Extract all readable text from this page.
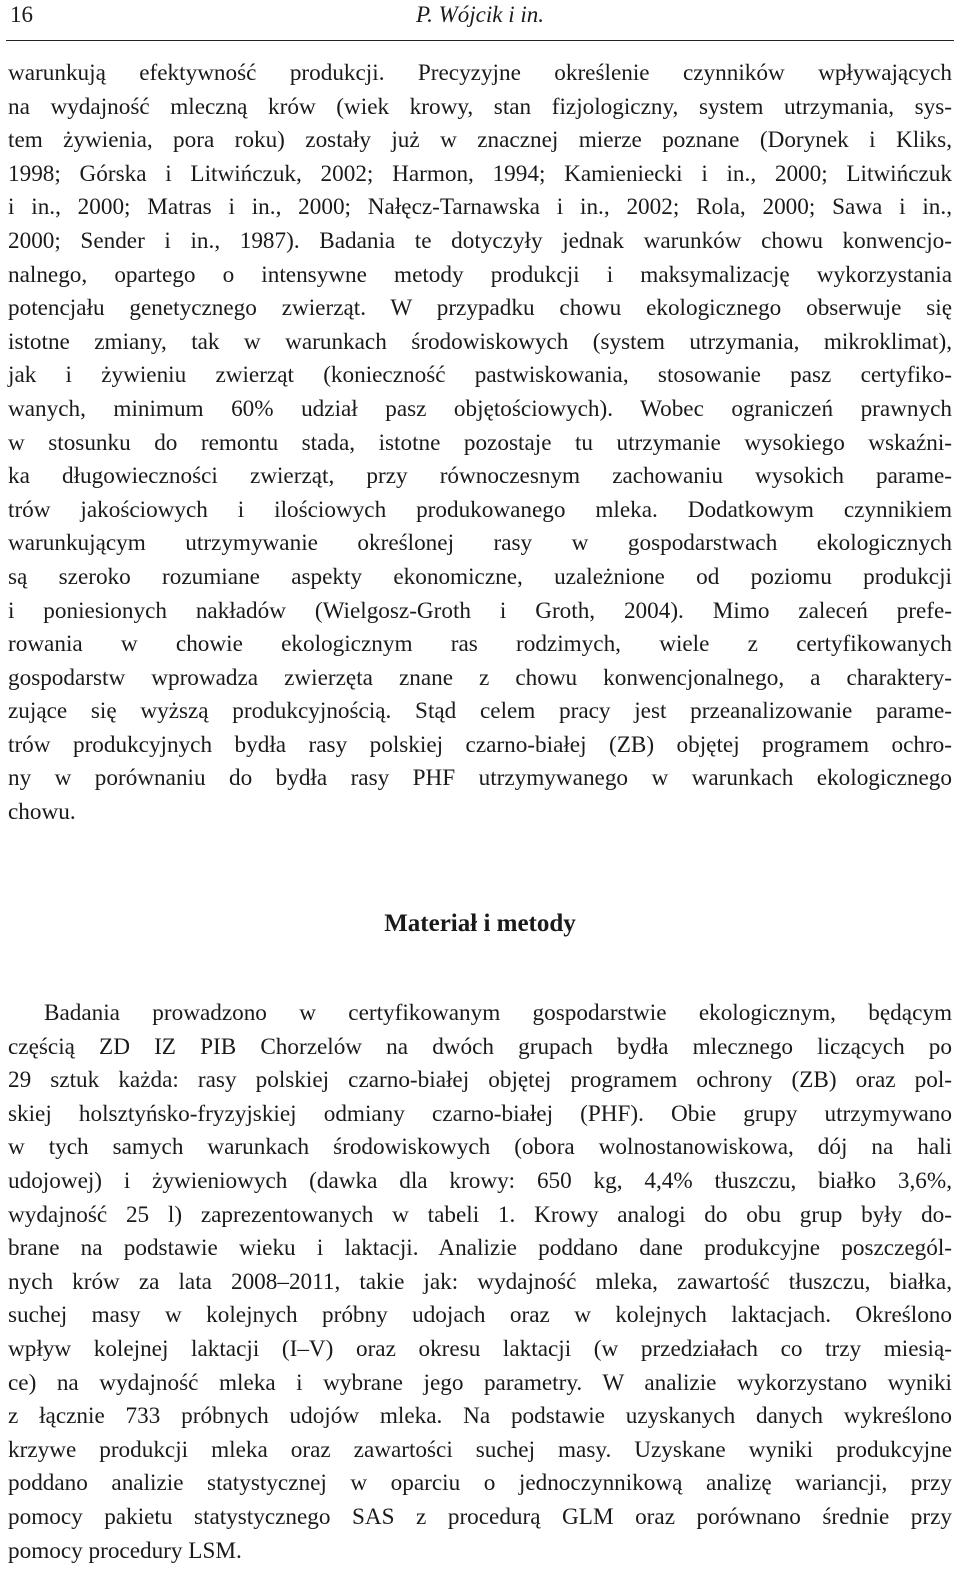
16	P. Wójcik i in.
warunkują efektywność produkcji. Precyzyjne określenie czynników wpływających
na wydajność mleczną krów (wiek krowy, stan fizjologiczny, system utrzymania, sys-
tem żywienia, pora roku) zostały już w znacznej mierze poznane (Dorynek i Kliks,
1998; Górska i Litwińczuk, 2002; Harmon, 1994; Kamieniecki i in., 2000; Litwińczuk
i in., 2000; Matras i in., 2000; Nałęcz-Tarnawska i in., 2002; Rola, 2000; Sawa i in.,
2000; Sender i in., 1987). Badania te dotyczyły jednak warunków chowu konwencjo-
nalnego, opartego o intensywne metody produkcji i maksymalizację wykorzystania
potencjału genetycznego zwierząt. W przypadku chowu ekologicznego obserwuje się
istotne zmiany, tak w warunkach środowiskowych (system utrzymania, mikroklimat),
jak i żywieniu zwierząt (konieczność pastwiskowania, stosowanie pasz certyfiko-
wanych, minimum 60% udział pasz objętościowych). Wobec ograniczeń prawnych
w stosunku do remontu stada, istotne pozostaje tu utrzymanie wysokiego wskaźni-
ka długowieczności zwierząt, przy równoczesnym zachowaniu wysokich parame-
trów jakościowych i ilościowych produkowanego mleka. Dodatkowym czynnikiem
warunkującym utrzymywanie określonej rasy w gospodarstwach ekologicznych
są szeroko rozumiane aspekty ekonomiczne, uzależnione od poziomu produkcji
i poniesionych nakładów (Wielgosz-Groth i Groth, 2004). Mimo zaleceń prefe-
rowania w chowie ekologicznym ras rodzimych, wiele z certyfikowanych
gospodarstw wprowadza zwierzęta znane z chowu konwencjonalnego, a charaktery-
zujące się wyższą produkcyjnością. Stąd celem pracy jest przeanalizowanie parame-
trów produkcyjnych bydła rasy polskiej czarno-białej (ZB) objętej programem ochro-
ny w porównaniu do bydła rasy PHF utrzymywanego w warunkach ekologicznego
chowu.
Materiał i metody
Badania prowadzono w certyfikowanym gospodarstwie ekologicznym, będącym
częścią ZD IZ PIB Chorzelów na dwóch grupach bydła mlecznego liczących po
29 sztuk każda: rasy polskiej czarno-białej objętej programem ochrony (ZB) oraz pol-
skiej holsztyńsko-fryzyjskiej odmiany czarno-białej (PHF). Obie grupy utrzymywano
w tych samych warunkach środowiskowych (obora wolnostanowiskowa, dój na hali
udojowej) i żywieniowych (dawka dla krowy: 650 kg, 4,4% tłuszczu, białko 3,6%,
wydajność 25 l) zaprezentowanych w tabeli 1. Krowy analogi do obu grup były do-
brane na podstawie wieku i laktacji. Analizie poddano dane produkcyjne poszczegól-
nych krów za lata 2008–2011, takie jak: wydajność mleka, zawartość tłuszczu, białka,
suchej masy w kolejnych próbny udojach oraz w kolejnych laktacjach. Określono
wpływ kolejnej laktacji (I–V) oraz okresu laktacji (w przedziałach co trzy miesią-
ce) na wydajność mleka i wybrane jego parametry. W analizie wykorzystano wyniki
z łącznie 733 próbnych udojów mleka. Na podstawie uzyskanych danych wykreślono
krzywe produkcji mleka oraz zawartości suchej masy. Uzyskane wyniki produkcyjne
poddano analizie statystycznej w oparciu o jednoczynnikową analizę wariancji, przy
pomocy pakietu statystycznego SAS z procedurą GLM oraz porównano średnie przy
pomocy procedury LSM.
